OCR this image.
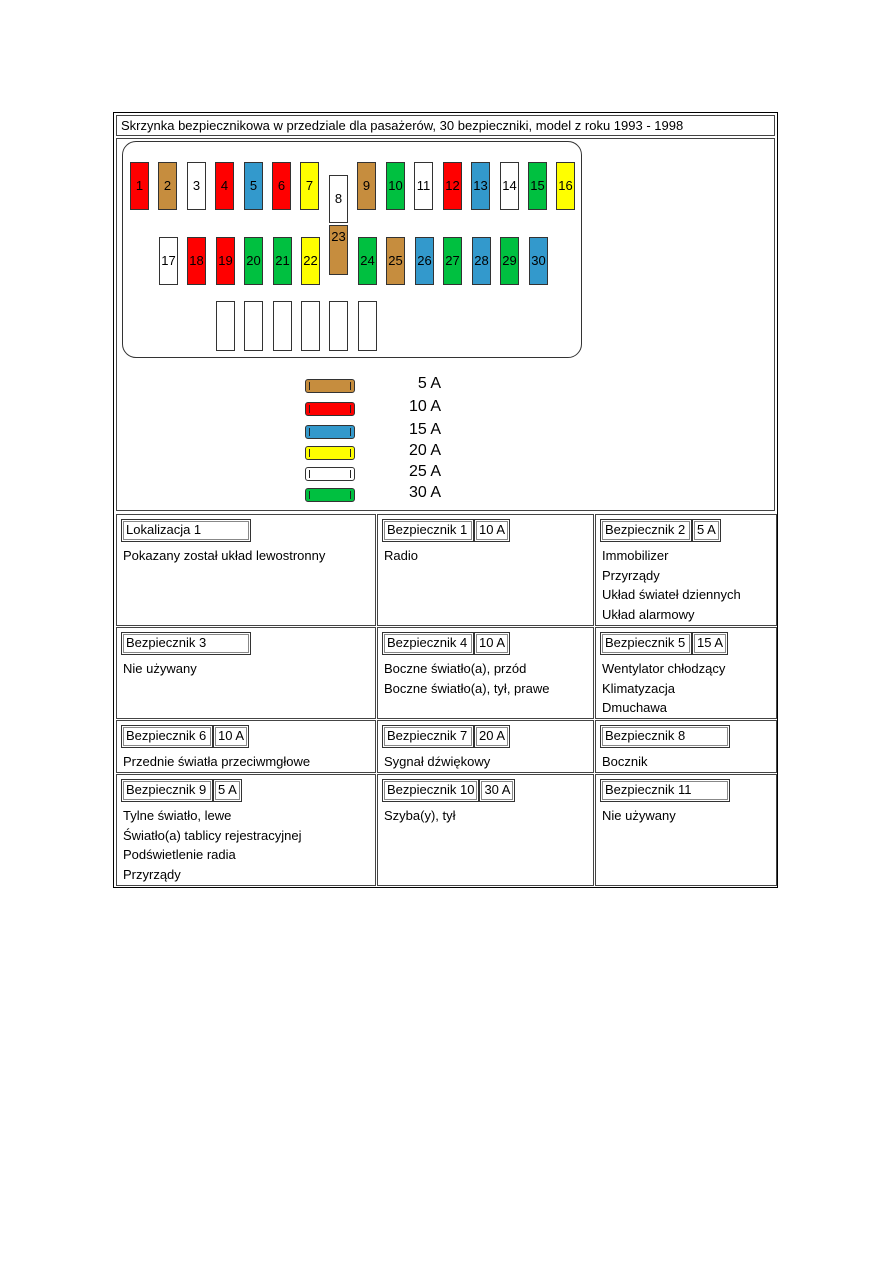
Skrzynka bezpiecznikowa w przedziale dla pasażerów, 30 bezpieczniki, model z roku 1993 - 1998
1	2	3	4	5	6	7
8
9	10 11 12 13 14 15 16
17 18 19 20 21 22
23
24 25 26 27 28 29 30
5 A
10 A
15 A
20 A
25 A
30 A
Lokalizacja 1
Pokazany został układ lewostronny
Bezpiecznik 1 10 A
Radio
Bezpiecznik 2 5 A
Immobilizer
Przyrządy
Układ świateł dziennych
Układ alarmowy
Bezpiecznik 3
Nie używany
Bezpiecznik 4 10 A
Boczne światło(a), przód
Boczne światło(a), tył, prawe
Bezpiecznik 5 15 A
Wentylator chłodzący
Klimatyzacja
Dmuchawa
Bezpiecznik 6 10 A
Przednie światła przeciwmgłowe
Bezpiecznik 7 20 A
Sygnał dźwiękowy
Bezpiecznik 8
Bocznik
Bezpiecznik 9 5 A
Tylne światło, lewe
Światło(a) tablicy rejestracyjnej
Podświetlenie radia
Przyrządy
Bezpiecznik 10 30 A
Szyba(y), tył
Bezpiecznik 11
Nie używany
